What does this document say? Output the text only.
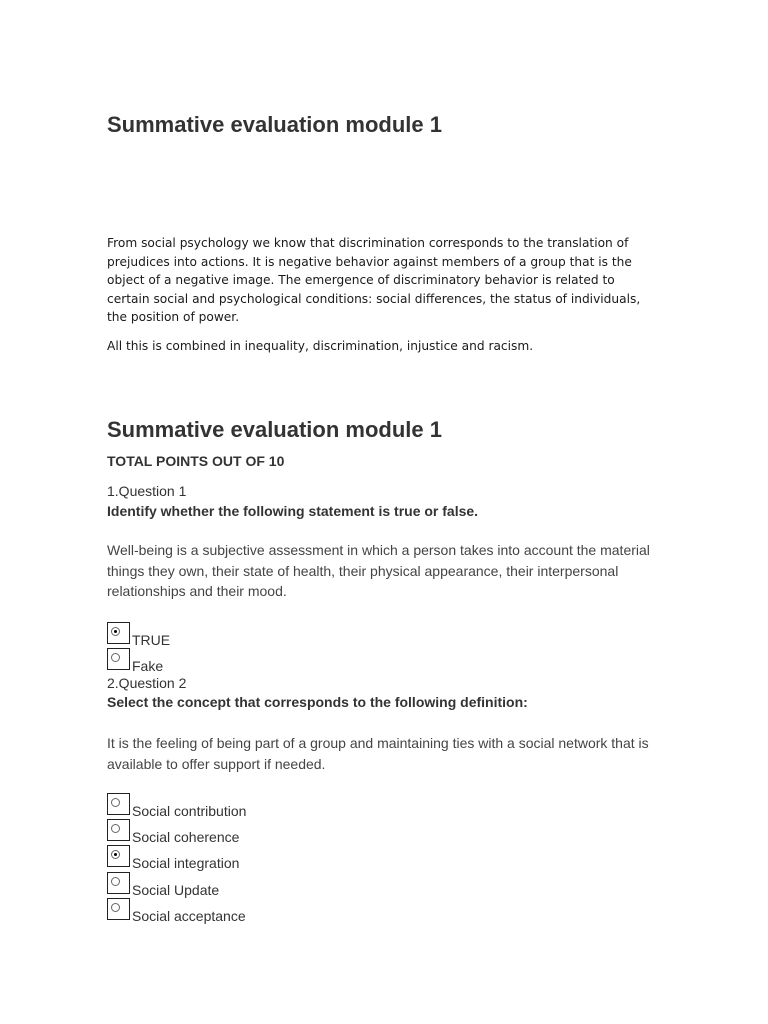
Summative evaluation module 1

From social psychology we know that discrimination corresponds to the translation of prejudices into actions. It is negative behavior against members of a group that is the object of a negative image. The emergence of discriminatory behavior is related to certain social and psychological conditions: social differences, the status of individuals, the position of power.

All this is combined in inequality, discrimination, injustice and racism.

Summative evaluation module 1
TOTAL POINTS OUT OF 10
1.Question 1
Identify whether the following statement is true or false.
Well-being is a subjective assessment in which a person takes into account the material things they own, their state of health, their physical appearance, their interpersonal relationships and their mood.
TRUE
Fake
2.Question 2
Select the concept that corresponds to the following definition:
It is the feeling of being part of a group and maintaining ties with a social network that is available to offer support if needed.
Social contribution
Social coherence
Social integration
Social Update
Social acceptance
